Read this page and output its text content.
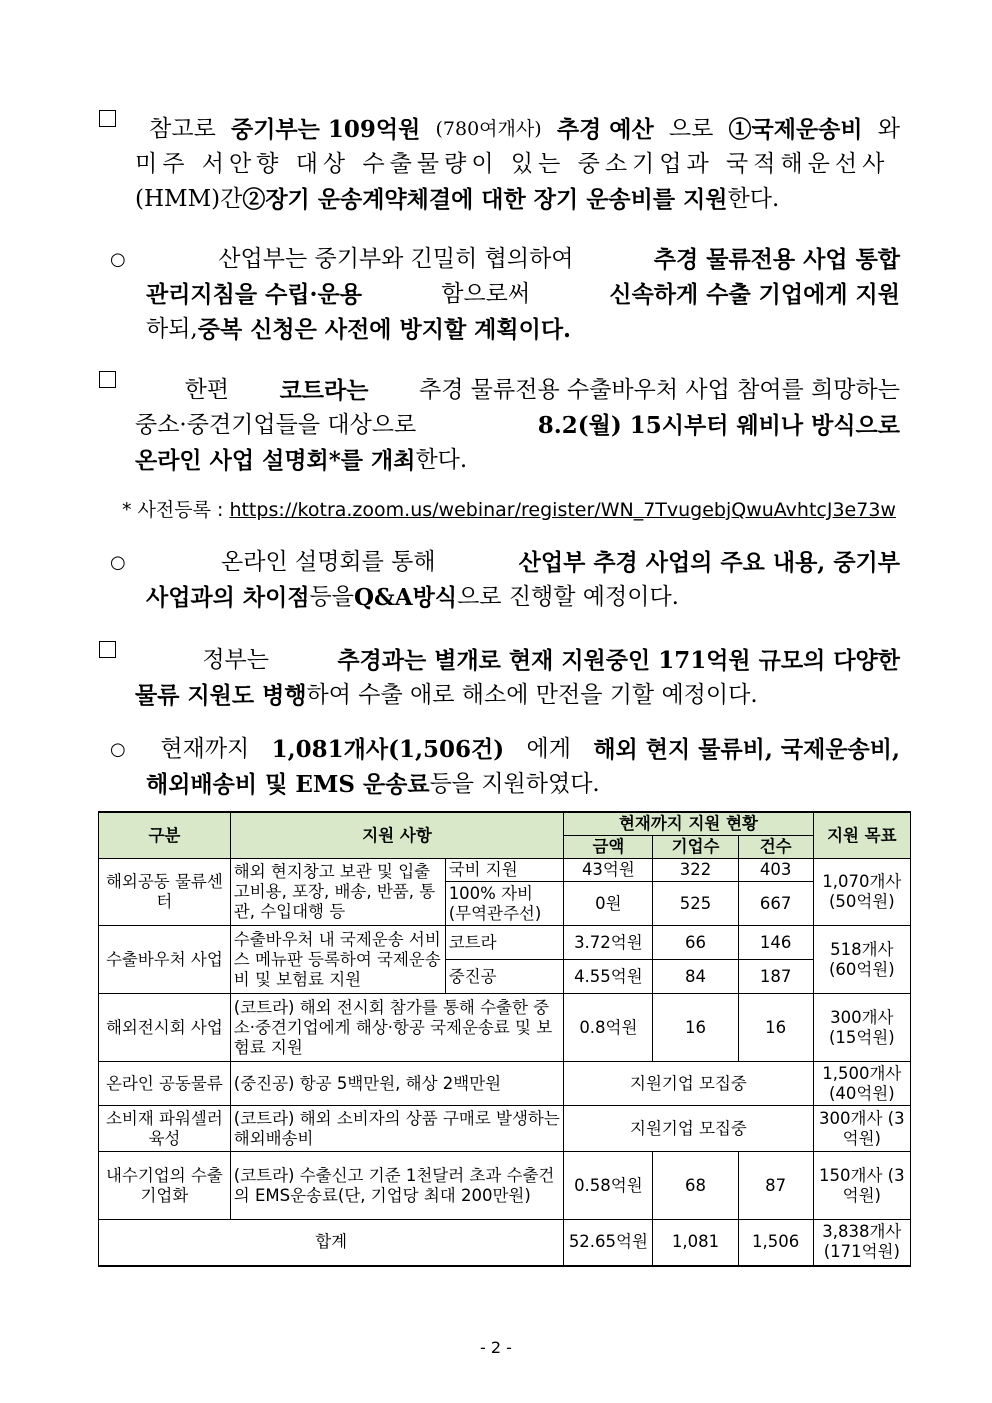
참고로 중기부는 109억원 (780여개사) 추경 예산 으로 ①국제운송비 와
미주 서안향 대상 수출물량이 있는 중소기업과 국적해운선사
(HMM)간 ②장기 운송계약체결에 대한 장기 운송비를 지원 한다.
○	산업부는 중기부와 긴밀히 협의하여	추경 물류전용 사업 통합
관리지침을 수립·운용	함으로써	신속하게 수출 기업에게 지원
하되, 중복 신청은 사전에 방지할 계획이다.
한편 코트라는 추경 물류전용 수출바우처 사업 참여를 희망하는
중소·중견기업들을 대상으로	8.2(월) 15시부터 웨비나 방식으로
온라인 사업 설명회*를 개최 한다.
* 사전등록 : https://kotra.zoom.us/webinar/register/WN_7TvugebjQwuAvhtcJ3e73w
○	온라인 설명회를 통해	산업부 추경 사업의 주요 내용, 중기부
사업과의 차이점 등을 Q&A방식 으로 진행할 예정이다.
정부는	추경과는 별개로 현재 지원중인 171억원 규모의 다양한
물류 지원도 병행 하여 수출 애로 해소에 만전을 기할 예정이다.
○	현재까지 1,081개사(1,506건) 에게 해외 현지 물류비, 국제운송비,
해외배송비 및 EMS 운송료 등을 지원하였다.
구분	지원 사항		현재까지 지원 현황			지원 목표
			금액	기업수	건수	
해외공동 물류센터	해외 현지창고 보관 및 입출고비용, 포장, 배송, 반품, 통관, 수입대행 등	국비 지원	43억원	322	403	1,070개사 (50억원)
		100% 자비 (무역관주선)	0원	525	667	
수출바우처 사업	수출바우처 내 국제운송 서비스 메뉴판 등록하여 국제운송비 및 보험료 지원	코트라	3.72억원	66	146	518개사 (60억원)
		중진공	4.55억원	84	187	
해외전시회 사업	(코트라) 해외 전시회 참가를 통해 수출한 중소·중견기업에게 해상·항공 국제운송료 및 보험료 지원		0.8억원	16	16	300개사 (15억원)
온라인 공동물류	(중진공) 항공 5백만원, 해상 2백만원		지원기업 모집중			1,500개사 (40억원)
소비재 파워셀러육성	(코트라) 해외 소비자의 상품 구매로 발생하는 해외배송비		지원기업 모집중			300개사 (3억원)
내수기업의 수출기업화	(코트라) 수출신고 기준 1천달러 초과 수출건의 EMS운송료(단, 기업당 최대 200만원)		0.58억원	68	87	150개사 (3억원)
합계			52.65억원	1,081	1,506	3,838개사 (171억원)
- 2 -
